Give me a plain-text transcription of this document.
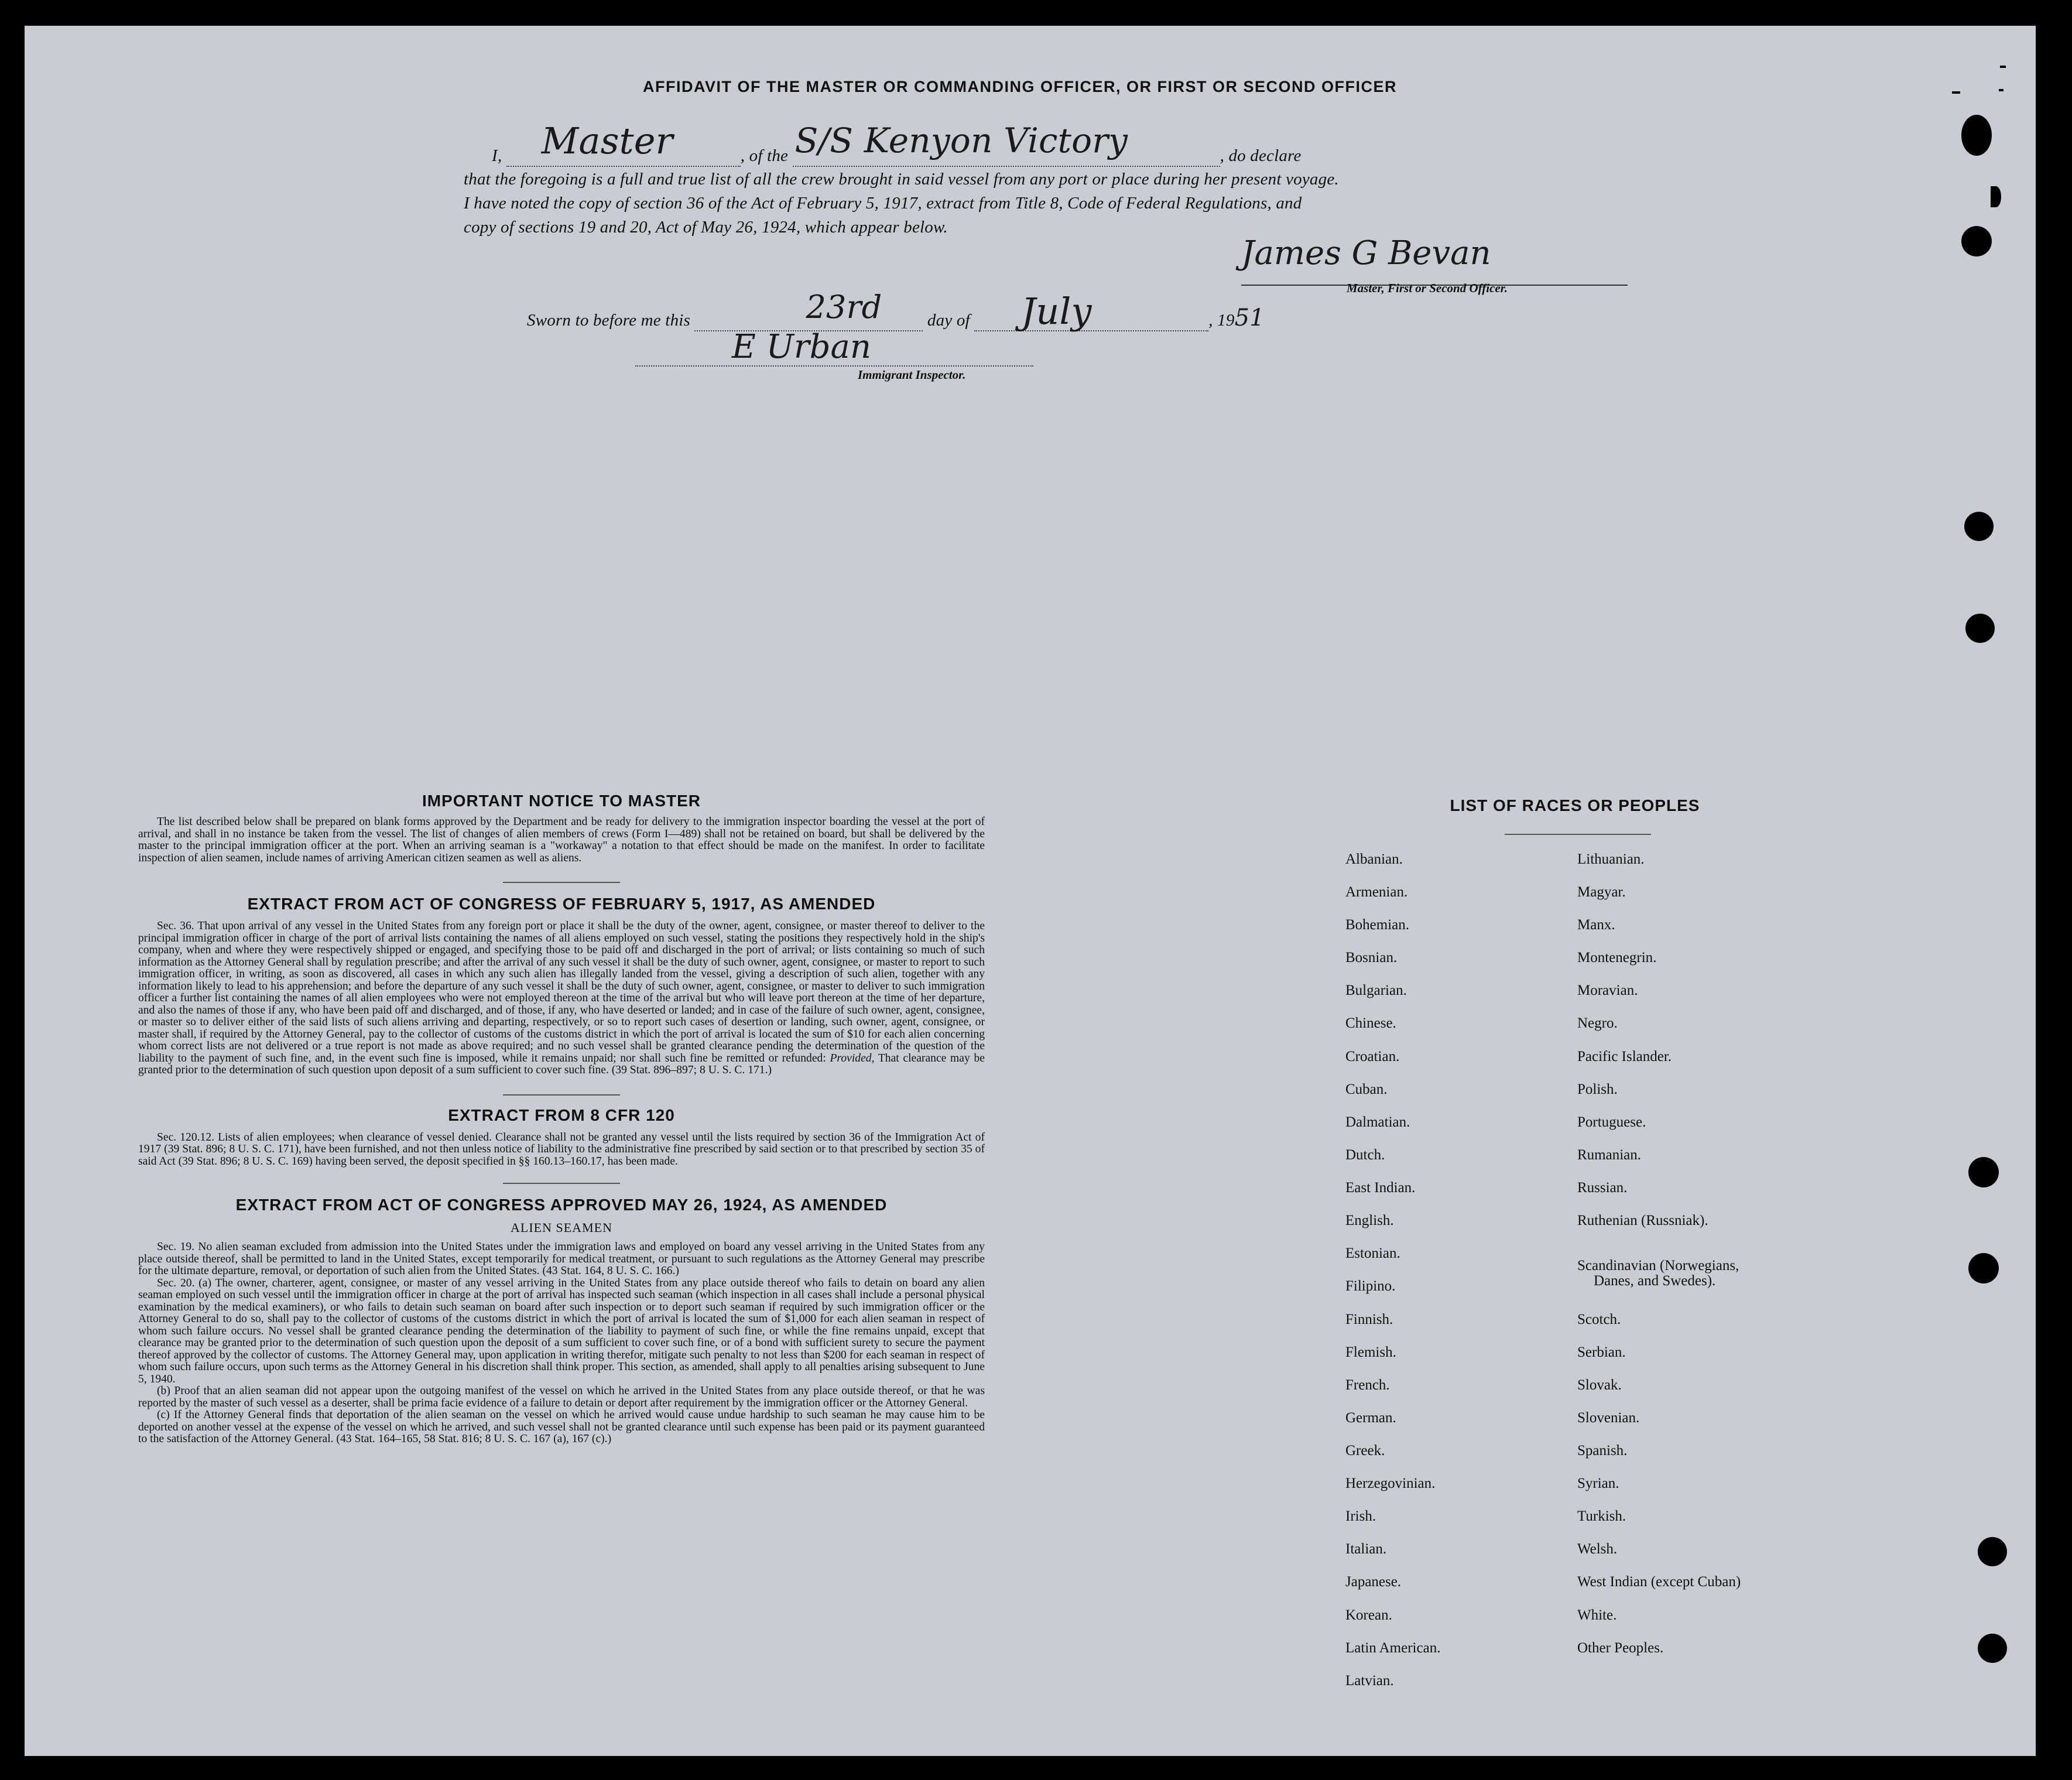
AFFIDAVIT OF THE MASTER OR COMMANDING OFFICER, OR FIRST OR SECOND OFFICER
I, Master	, of the S/S Kenyon Victory	, do declare
that the foregoing is a full and true list of all the crew brought in said vessel from any port or place during her present voyage.
I have noted the copy of section 36 of the Act of February 5, 1917, extract from Title 8, Code of Federal Regulations, and
copy of sections 19 and 20, Act of May 26, 1924, which appear below.
James G Bevan
Master, First or Second Officer.
Sworn to before me this	23rd	day of July	, 1951
E Urban
Immigrant Inspector.
IMPORTANT NOTICE TO MASTER

The list described below shall be prepared on blank forms approved by the Department and be ready for delivery to the immigration inspector boarding the vessel at the port of arrival, and shall in no instance be taken from the vessel. The list of changes of alien members of crews (Form I—489) shall not be retained on board, but shall be delivered by the master to the principal immigration officer at the port. When an arriving seaman is a "workaway" a notation to that effect should be made on the manifest. In order to facilitate inspection of alien seamen, include names of arriving American citizen seamen as well as aliens.

EXTRACT FROM ACT OF CONGRESS OF FEBRUARY 5, 1917, AS AMENDED

Sec. 36. That upon arrival of any vessel in the United States from any foreign port or place it shall be the duty of the owner, agent, consignee, or master thereof to deliver to the principal immigration officer in charge of the port of arrival lists containing the names of all aliens employed on such vessel, stating the positions they respectively hold in the ship's company, when and where they were respectively shipped or engaged, and specifying those to be paid off and discharged in the port of arrival; or lists containing so much of such information as the Attorney General shall by regulation prescribe; and after the arrival of any such vessel it shall be the duty of such owner, agent, consignee, or master to report to such immigration officer, in writing, as soon as discovered, all cases in which any such alien has illegally landed from the vessel, giving a description of such alien, together with any information likely to lead to his apprehension; and before the departure of any such vessel it shall be the duty of such owner, agent, consignee, or master to deliver to such immigration officer a further list containing the names of all alien employees who were not employed thereon at the time of the arrival but who will leave port thereon at the time of her departure, and also the names of those if any, who have been paid off and discharged, and of those, if any, who have deserted or landed; and in case of the failure of such owner, agent, consignee, or master so to deliver either of the said lists of such aliens arriving and departing, respectively, or so to report such cases of desertion or landing, such owner, agent, consignee, or master shall, if required by the Attorney General, pay to the collector of customs of the customs district in which the port of arrival is located the sum of $10 for each alien concerning whom correct lists are not delivered or a true report is not made as above required; and no such vessel shall be granted clearance pending the determination of the question of the liability to the payment of such fine, and, in the event such fine is imposed, while it remains unpaid; nor shall such fine be remitted or refunded: Provided, That clearance may be granted prior to the determination of such question upon deposit of a sum sufficient to cover such fine. (39 Stat. 896–897; 8 U. S. C. 171.)

EXTRACT FROM 8 CFR 120

Sec. 120.12. Lists of alien employees; when clearance of vessel denied. Clearance shall not be granted any vessel until the lists required by section 36 of the Immigration Act of 1917 (39 Stat. 896; 8 U. S. C. 171), have been furnished, and not then unless notice of liability to the administrative fine prescribed by said section or to that prescribed by section 35 of said Act (39 Stat. 896; 8 U. S. C. 169) having been served, the deposit specified in §§ 160.13–160.17, has been made.

EXTRACT FROM ACT OF CONGRESS APPROVED MAY 26, 1924, AS AMENDED
ALIEN SEAMEN

Sec. 19. No alien seaman excluded from admission into the United States under the immigration laws and employed on board any vessel arriving in the United States from any place outside thereof, shall be permitted to land in the United States, except temporarily for medical treatment, or pursuant to such regulations as the Attorney General may prescribe for the ultimate departure, removal, or deportation of such alien from the United States. (43 Stat. 164, 8 U. S. C. 166.)

Sec. 20. (a) The owner, charterer, agent, consignee, or master of any vessel arriving in the United States from any place outside thereof who fails to detain on board any alien seaman employed on such vessel until the immigration officer in charge at the port of arrival has inspected such seaman (which inspection in all cases shall include a personal physical examination by the medical examiners), or who fails to detain such seaman on board after such inspection or to deport such seaman if required by such immigration officer or the Attorney General to do so, shall pay to the collector of customs of the customs district in which the port of arrival is located the sum of $1,000 for each alien seaman in respect of whom such failure occurs. No vessel shall be granted clearance pending the determination of the liability to payment of such fine, or while the fine remains unpaid, except that clearance may be granted prior to the determination of such question upon the deposit of a sum sufficient to cover such fine, or of a bond with sufficient surety to secure the payment thereof approved by the collector of customs. The Attorney General may, upon application in writing therefor, mitigate such penalty to not less than $200 for each seaman in respect of whom such failure occurs, upon such terms as the Attorney General in his discretion shall think proper. This section, as amended, shall apply to all penalties arising subsequent to June 5, 1940.

(b) Proof that an alien seaman did not appear upon the outgoing manifest of the vessel on which he arrived in the United States from any place outside thereof, or that he was reported by the master of such vessel as a deserter, shall be prima facie evidence of a failure to detain or deport after requirement by the immigration officer or the Attorney General.

(c) If the Attorney General finds that deportation of the alien seaman on the vessel on which he arrived would cause undue hardship to such seaman he may cause him to be deported on another vessel at the expense of the vessel on which he arrived, and such vessel shall not be granted clearance until such expense has been paid or its payment guaranteed to the satisfaction of the Attorney General. (43 Stat. 164–165, 58 Stat. 816; 8 U. S. C. 167 (a), 167 (c).)

LIST OF RACES OR PEOPLES
Albanian.
Armenian.
Bohemian.
Bosnian.
Bulgarian.
Chinese.
Croatian.
Cuban.
Dalmatian.
Dutch.
East Indian.
English.
Estonian.
Filipino.
Finnish.
Flemish.
French.
German.
Greek.
Herzegovinian.
Irish.
Italian.
Japanese.
Korean.
Latin American.
Latvian.
Lithuanian.
Magyar.
Manx.
Montenegrin.
Moravian.
Negro.
Pacific Islander.
Polish.
Portuguese.
Rumanian.
Russian.
Ruthenian (Russniak).
Scandinavian (Norwegians,
Danes, and Swedes).
Scotch.
Serbian.
Slovak.
Slovenian.
Spanish.
Syrian.
Turkish.
Welsh.
West Indian (except Cuban)
White.
Other Peoples.
